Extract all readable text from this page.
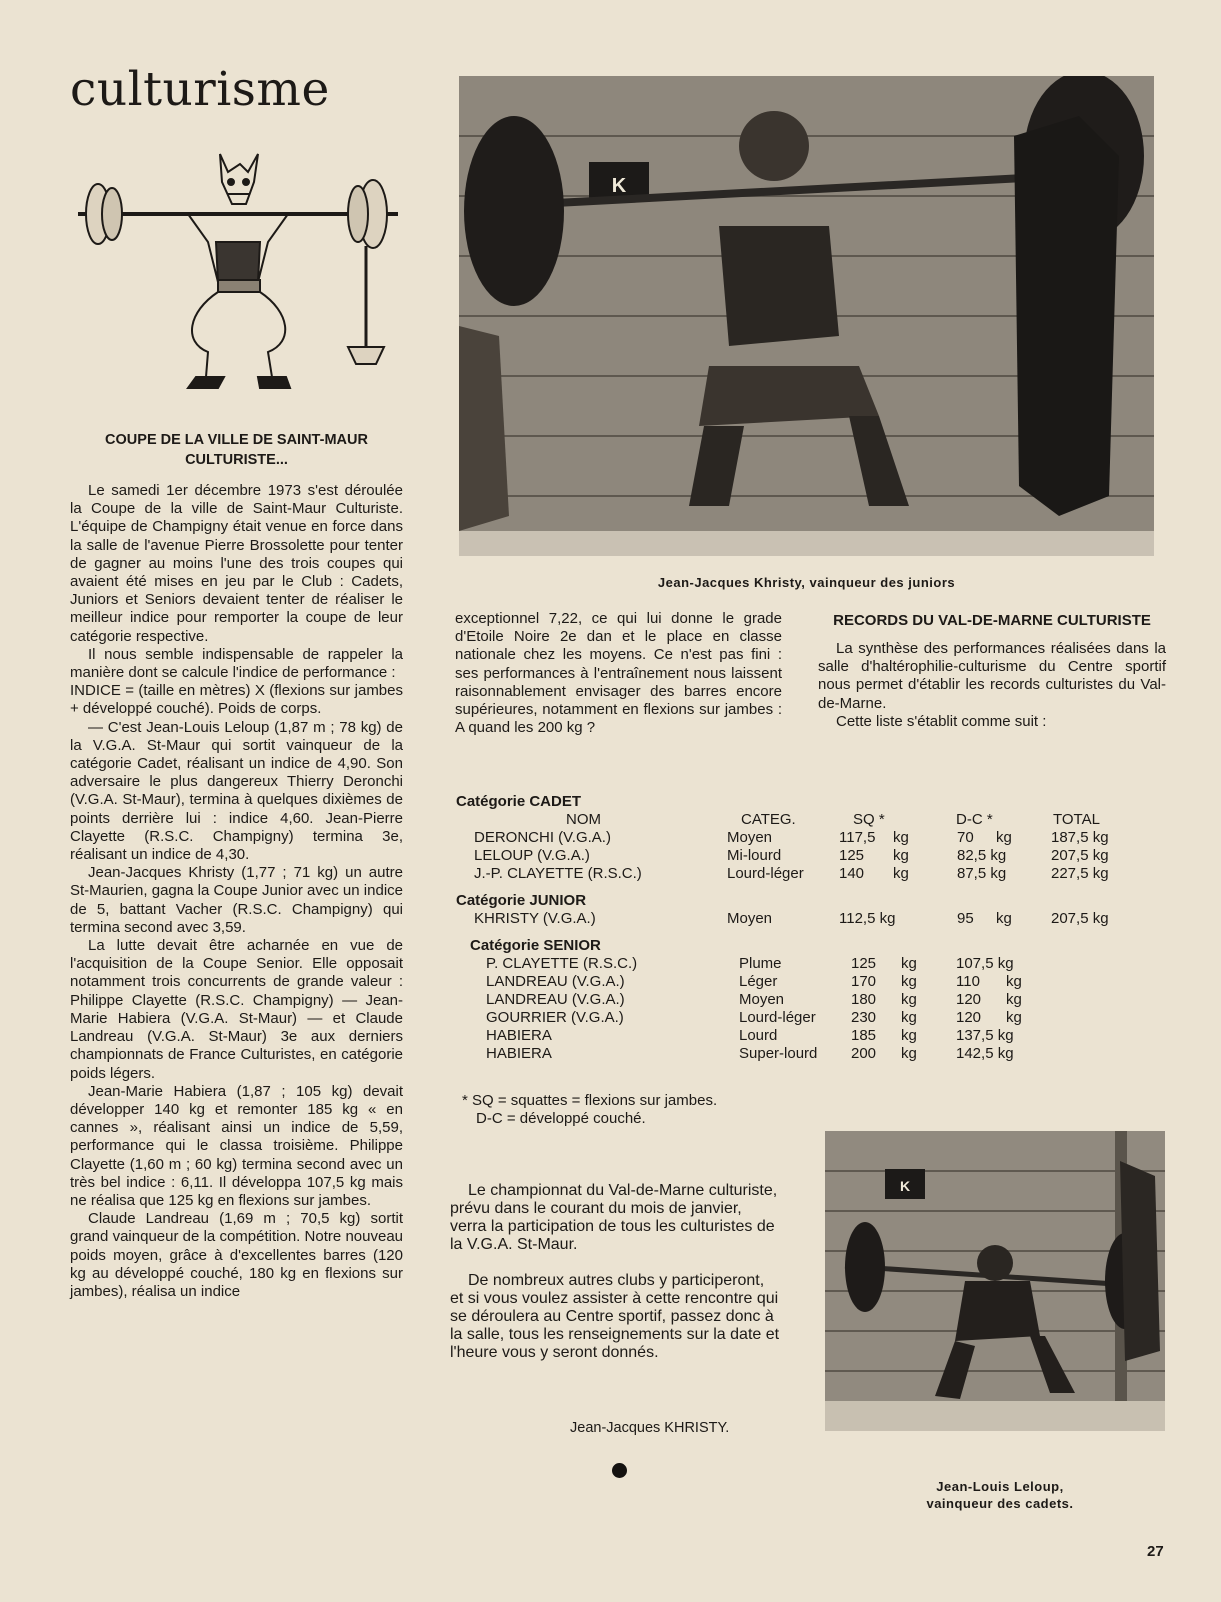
culturisme
K
Jean-Jacques Khristy, vainqueur des juniors
COUPE DE LA VILLE DE SAINT-MAUR CULTURISTE...

Le samedi 1er décembre 1973 s'est déroulée la Coupe de la ville de Saint-Maur Culturiste. L'équipe de Champigny était venue en force dans la salle de l'avenue Pierre Brossolette pour tenter de gagner au moins l'une des trois coupes qui avaient été mises en jeu par le Club : Cadets, Juniors et Seniors devaient tenter de réaliser le meilleur indice pour remporter la coupe de leur catégorie respective.

Il nous semble indispensable de rappeler la manière dont se calcule l'indice de performance :

INDICE = (taille en mètres) X (flexions sur jambes + développé couché). Poids de corps.

— C'est Jean-Louis Leloup (1,87 m ; 78 kg) de la V.G.A. St-Maur qui sortit vainqueur de la catégorie Cadet, réalisant un indice de 4,90. Son adversaire le plus dangereux Thierry Deronchi (V.G.A. St-Maur), termina à quelques dixièmes de points derrière lui : indice 4,60. Jean-Pierre Clayette (R.S.C. Champigny) termina 3e, réalisant un indice de 4,30.

Jean-Jacques Khristy (1,77 ; 71 kg) un autre St-Maurien, gagna la Coupe Junior avec un indice de 5, battant Vacher (R.S.C. Champigny) qui termina second avec 3,59.

La lutte devait être acharnée en vue de l'acquisition de la Coupe Senior. Elle opposait notamment trois concurrents de grande valeur : Philippe Clayette (R.S.C. Champigny) — Jean-Marie Habiera (V.G.A. St-Maur) — et Claude Landreau (V.G.A. St-Maur) 3e aux derniers championnats de France Culturistes, en catégorie poids légers.

Jean-Marie Habiera (1,87 ; 105 kg) devait développer 140 kg et remonter 185 kg « en cannes », réalisant ainsi un indice de 5,59, performance qui le classa troisième. Philippe Clayette (1,60 m ; 60 kg) termina second avec un très bel indice : 6,11. Il développa 107,5 kg mais ne réalisa que 125 kg en flexions sur jambes.

Claude Landreau (1,69 m ; 70,5 kg) sortit grand vainqueur de la compétition. Notre nouveau poids moyen, grâce à d'excellentes barres (120 kg au développé couché, 180 kg en flexions sur jambes), réalisa un indice

exceptionnel 7,22, ce qui lui donne le grade d'Etoile Noire 2e dan et le place en classe nationale chez les moyens. Ce n'est pas fini : ses performances à l'entraînement nous laissent raisonnablement envisager des barres encore supérieures, notamment en flexions sur jambes : A quand les 200 kg ?

RECORDS DU VAL-DE-MARNE CULTURISTE

La synthèse des performances réalisées dans la salle d'haltérophilie-culturisme du Centre sportif nous permet d'établir les records culturistes du Val-de-Marne.

Cette liste s'établit comme suit :

Catégorie CADET
NOM	CATEG.	SQ *	D-C *	TOTAL
DERONCHI (V.G.A.)	Moyen	117,5 kg	70 kg	187,5 kg
LELOUP (V.G.A.)	Mi-lourd	125 kg	82,5 kg	207,5 kg
J.-P. CLAYETTE (R.S.C.)	Lourd-léger 140 kg	87,5 kg	227,5 kg
Catégorie JUNIOR
KHRISTY (V.G.A.)	Moyen	112,5 kg	95 kg	207,5 kg
Catégorie SENIOR
P. CLAYETTE (R.S.C.)	Plume	125 kg	107,5 kg
LANDREAU (V.G.A.)	Léger	170 kg	110 kg
LANDREAU (V.G.A.)	Moyen	180 kg	120 kg
GOURRIER (V.G.A.)	Lourd-léger 230 kg	120 kg
HABIERA	Lourd	185 kg	137,5 kg
HABIERA	Super-lourd 200 kg	142,5 kg
* SQ = squattes = flexions sur jambes.
D-C = développé couché.

Le championnat du Val-de-Marne culturiste, prévu dans le courant du mois de janvier, verra la participation de tous les culturistes de la V.G.A. St-Maur.

De nombreux autres clubs y participeront, et si vous voulez assister à cette rencontre qui se déroulera au Centre sportif, passez donc à la salle, tous les renseignements sur la date et l'heure vous y seront donnés.

Jean-Jacques KHRISTY.
K
Jean-Louis Leloup,
vainqueur des cadets.
27
